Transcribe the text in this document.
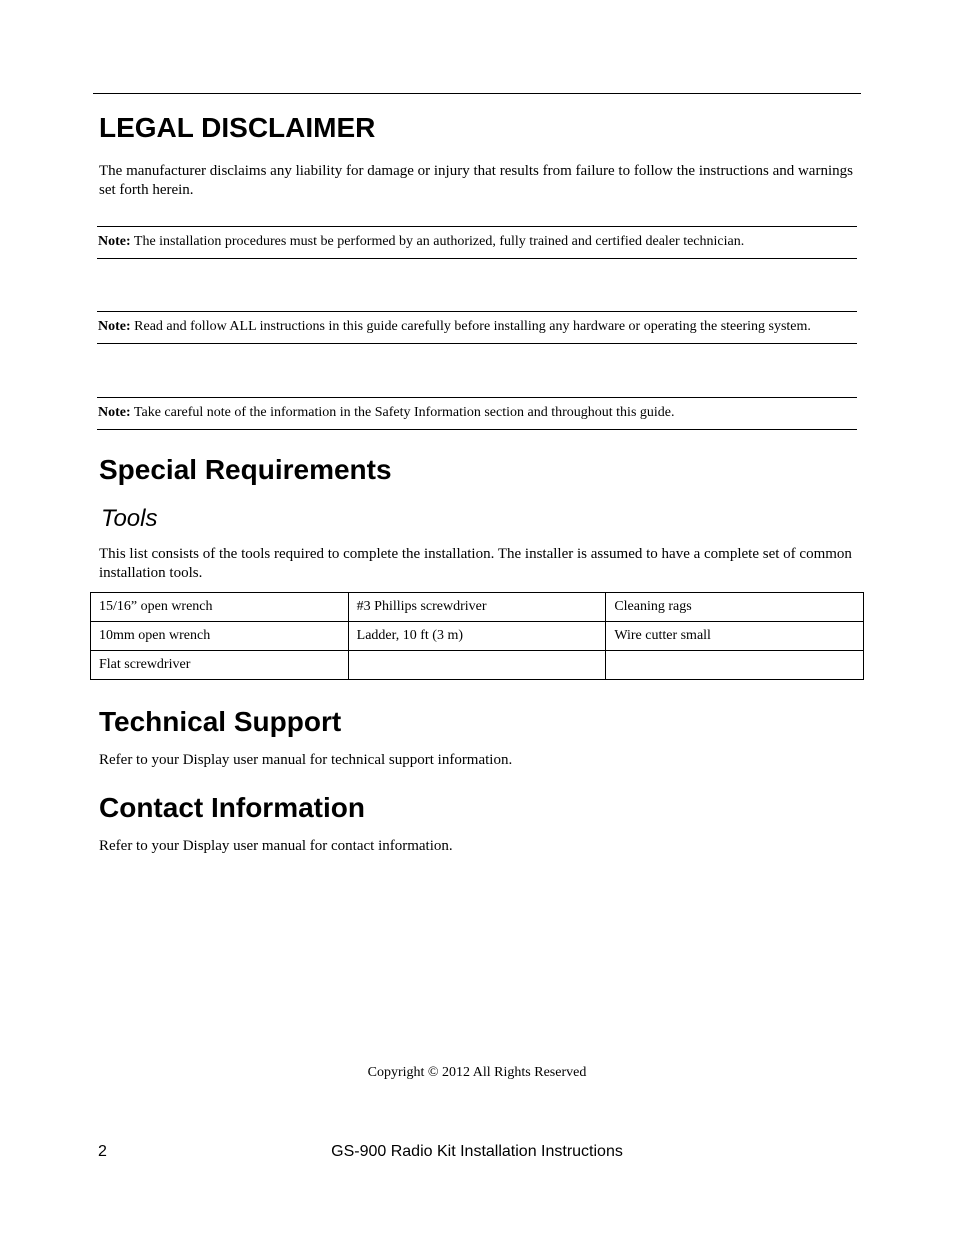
LEGAL DISCLAIMER

The manufacturer disclaims any liability for damage or injury that results from failure to follow the instructions and warnings set forth herein.

Note: The installation procedures must be performed by an authorized, fully trained and certified dealer technician.
Note: Read and follow ALL instructions in this guide carefully before installing any hardware or operating the steering system.
Note: Take careful note of the information in the Safety Information section and throughout this guide.
Special Requirements
Tools

This list consists of the tools required to complete the installation. The installer is assumed to have a complete set of common installation tools.

15/16” open wrench	#3 Phillips screwdriver	Cleaning rags
10mm open wrench	Ladder, 10 ft (3 m)	Wire cutter small
Flat screwdriver		
Technical Support

Refer to your Display user manual for technical support information.

Contact Information

Refer to your Display user manual for contact information.

Copyright © 2012 All Rights Reserved
2	GS-900 Radio Kit Installation Instructions
